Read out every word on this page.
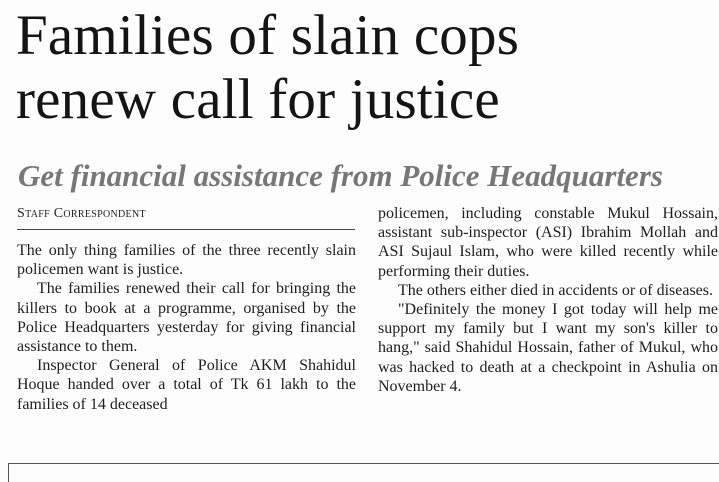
Families of slain cops
renew call for justice
Get financial assistance from Police Headquarters
Staff Correspondent

The only thing families of the three recently slain policemen want is justice.

The families renewed their call for bringing the killers to book at a programme, organised by the Police Headquarters yesterday for giving financial assistance to them.

Inspector General of Police AKM Shahidul Hoque handed over a total of Tk 61 lakh to the families of 14 deceased

policemen, including constable Mukul Hossain, assistant sub-inspector (ASI) Ibrahim Mollah and ASI Sujaul Islam, who were killed recently while performing their duties.

The others either died in accidents or of diseases.

"Definitely the money I got today will help me support my family but I want my son's killer to hang," said Shahidul Hossain, father of Mukul, who was hacked to death at a checkpoint in Ashulia on November 4.
